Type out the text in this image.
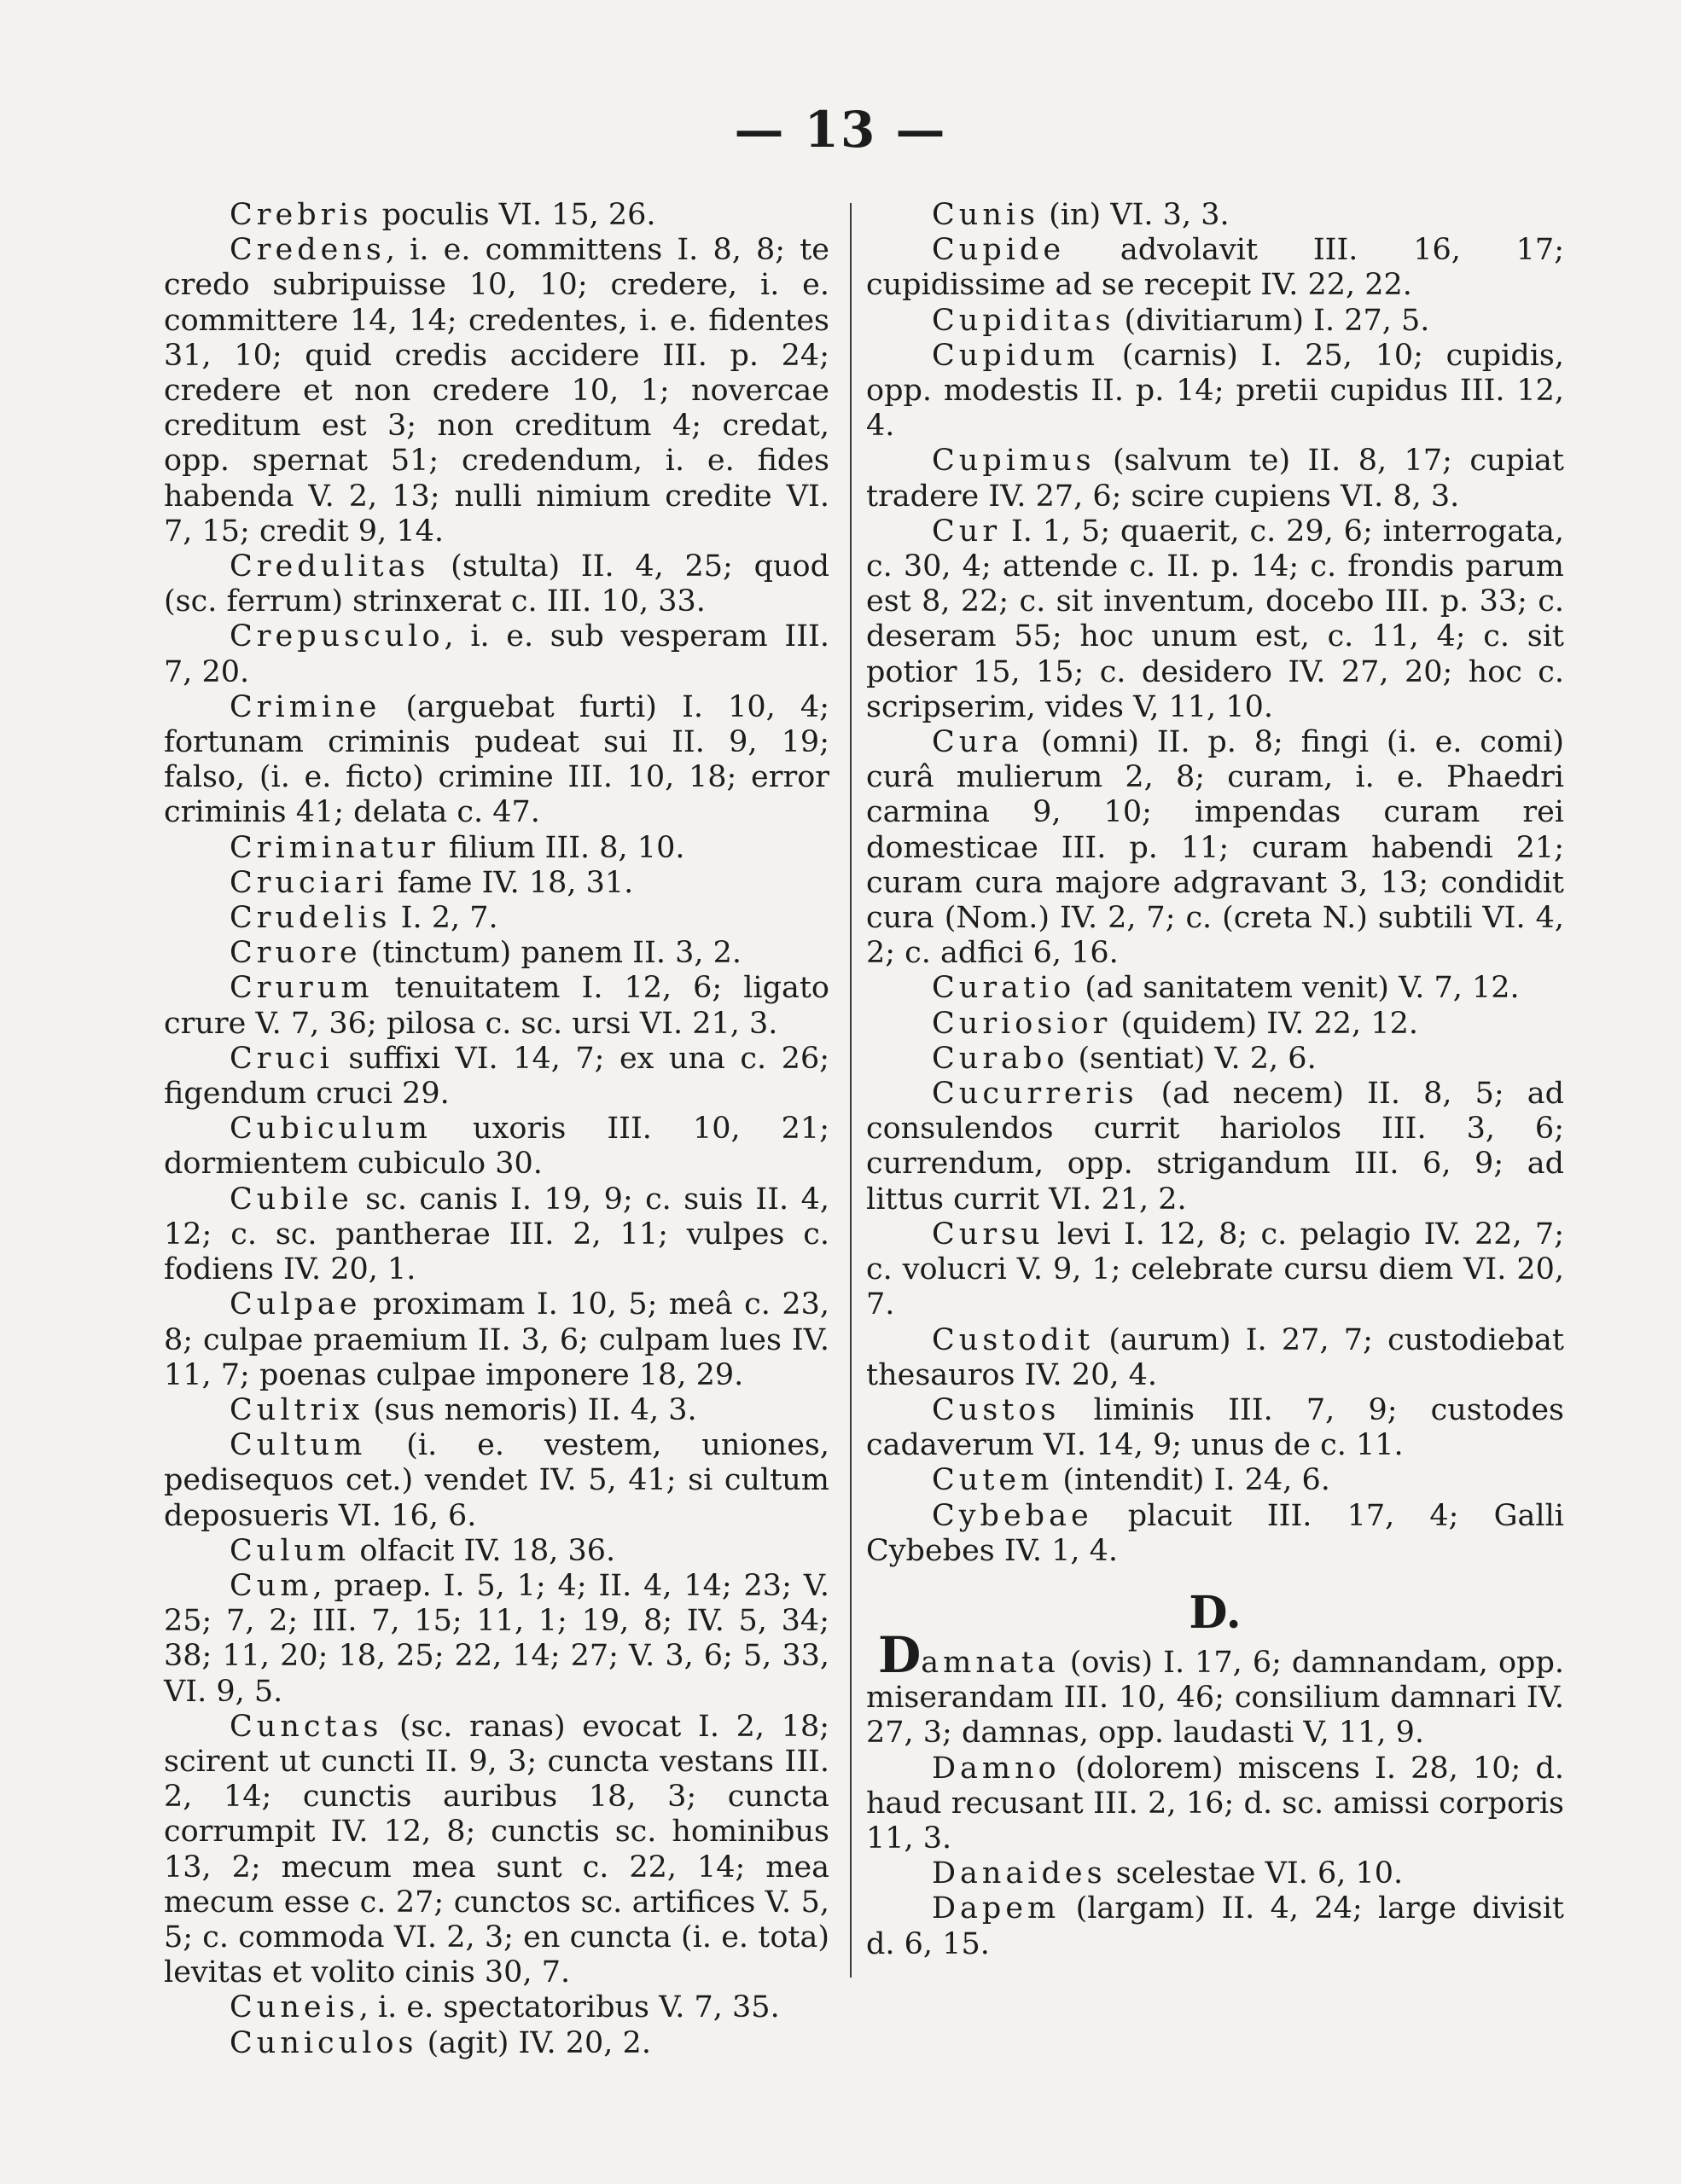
— 13 —

Crebris poculis VI. 15, 26.

Credens, i. e. committens I. 8, 8; te credo subripuisse 10, 10; credere, i. e. committere 14, 14; credentes, i. e. fidentes 31, 10; quid credis accidere III. p. 24; credere et non credere 10, 1; novercae creditum est 3; non creditum 4; credat, opp. spernat 51; credendum, i. e. fides habenda V. 2, 13; nulli nimium credite VI. 7, 15; credit 9, 14.

Credulitas (stulta) II. 4, 25; quod (sc. ferrum) strinxerat c. III. 10, 33.

Crepusculo, i. e. sub vesperam III. 7, 20.

Crimine (arguebat furti) I. 10, 4; fortunam criminis pudeat sui II. 9, 19; falso, (i. e. ficto) crimine III. 10, 18; error criminis 41; delata c. 47.

Criminatur filium III. 8, 10.

Cruciari fame IV. 18, 31.

Crudelis I. 2, 7.

Cruore (tinctum) panem II. 3, 2.

Crurum tenuitatem I. 12, 6; ligato crure V. 7, 36; pilosa c. sc. ursi VI. 21, 3.

Cruci suffixi VI. 14, 7; ex una c. 26; figendum cruci 29.

Cubiculum uxoris III. 10, 21; dormientem cubiculo 30.

Cubile sc. canis I. 19, 9; c. suis II. 4, 12; c. sc. pantherae III. 2, 11; vulpes c. fodiens IV. 20, 1.

Culpae proximam I. 10, 5; meâ c. 23, 8; culpae praemium II. 3, 6; culpam lues IV. 11, 7; poenas culpae imponere 18, 29.

Cultrix (sus nemoris) II. 4, 3.

Cultum (i. e. vestem, uniones, pedisequos cet.) vendet IV. 5, 41; si cultum deposueris VI. 16, 6.

Culum olfacit IV. 18, 36.

Cum, praep. I. 5, 1; 4; II. 4, 14; 23; V. 25; 7, 2; III. 7, 15; 11, 1; 19, 8; IV. 5, 34; 38; 11, 20; 18, 25; 22, 14; 27; V. 3, 6; 5, 33, VI. 9, 5.

Cunctas (sc. ranas) evocat I. 2, 18; scirent ut cuncti II. 9, 3; cuncta vestans III. 2, 14; cunctis auribus 18, 3; cuncta corrumpit IV. 12, 8; cunctis sc. hominibus 13, 2; mecum mea sunt c. 22, 14; mea mecum esse c. 27; cunctos sc. artifices V. 5, 5; c. commoda VI. 2, 3; en cuncta (i. e. tota) levitas et volito cinis 30, 7.

Cuneis, i. e. spectatoribus V. 7, 35.

Cuniculos (agit) IV. 20, 2.

Cunis (in) VI. 3, 3.

Cupide advolavit III. 16, 17; cupidissime ad se recepit IV. 22, 22.

Cupiditas (divitiarum) I. 27, 5.

Cupidum (carnis) I. 25, 10; cupidis, opp. modestis II. p. 14; pretii cupidus III. 12, 4.

Cupimus (salvum te) II. 8, 17; cupiat tradere IV. 27, 6; scire cupiens VI. 8, 3.

Cur I. 1, 5; quaerit, c. 29, 6; interrogata, c. 30, 4; attende c. II. p. 14; c. frondis parum est 8, 22; c. sit inventum, docebo III. p. 33; c. deseram 55; hoc unum est, c. 11, 4; c. sit potior 15, 15; c. desidero IV. 27, 20; hoc c. scripserim, vides V, 11, 10.

Cura (omni) II. p. 8; fingi (i. e. comi) curâ mulierum 2, 8; curam, i. e. Phaedri carmina 9, 10; impendas curam rei domesticae III. p. 11; curam habendi 21; curam cura majore adgravant 3, 13; condidit cura (Nom.) IV. 2, 7; c. (creta N.) subtili VI. 4, 2; c. adfici 6, 16.

Curatio (ad sanitatem venit) V. 7, 12.

Curiosior (quidem) IV. 22, 12.

Curabo (sentiat) V. 2, 6.

Cucurreris (ad necem) II. 8, 5; ad consulendos currit hariolos III. 3, 6; currendum, opp. strigandum III. 6, 9; ad littus currit VI. 21, 2.

Cursu levi I. 12, 8; c. pelagio IV. 22, 7; c. volucri V. 9, 1; celebrate cursu diem VI. 20, 7.

Custodit (aurum) I. 27, 7; custodiebat thesauros IV. 20, 4.

Custos liminis III. 7, 9; custodes cadaverum VI. 14, 9; unus de c. 11.

Cutem (intendit) I. 24, 6.

Cybebae placuit III. 17, 4; Galli Cybebes IV. 1, 4.

D.

Damnata (ovis) I. 17, 6; damnandam, opp. miserandam III. 10, 46; consilium damnari IV. 27, 3; damnas, opp. laudasti V, 11, 9.

Damno (dolorem) miscens I. 28, 10; d. haud recusant III. 2, 16; d. sc. amissi corporis 11, 3.

Danaides scelestae VI. 6, 10.

Dapem (largam) II. 4, 24; large divisit d. 6, 15.
